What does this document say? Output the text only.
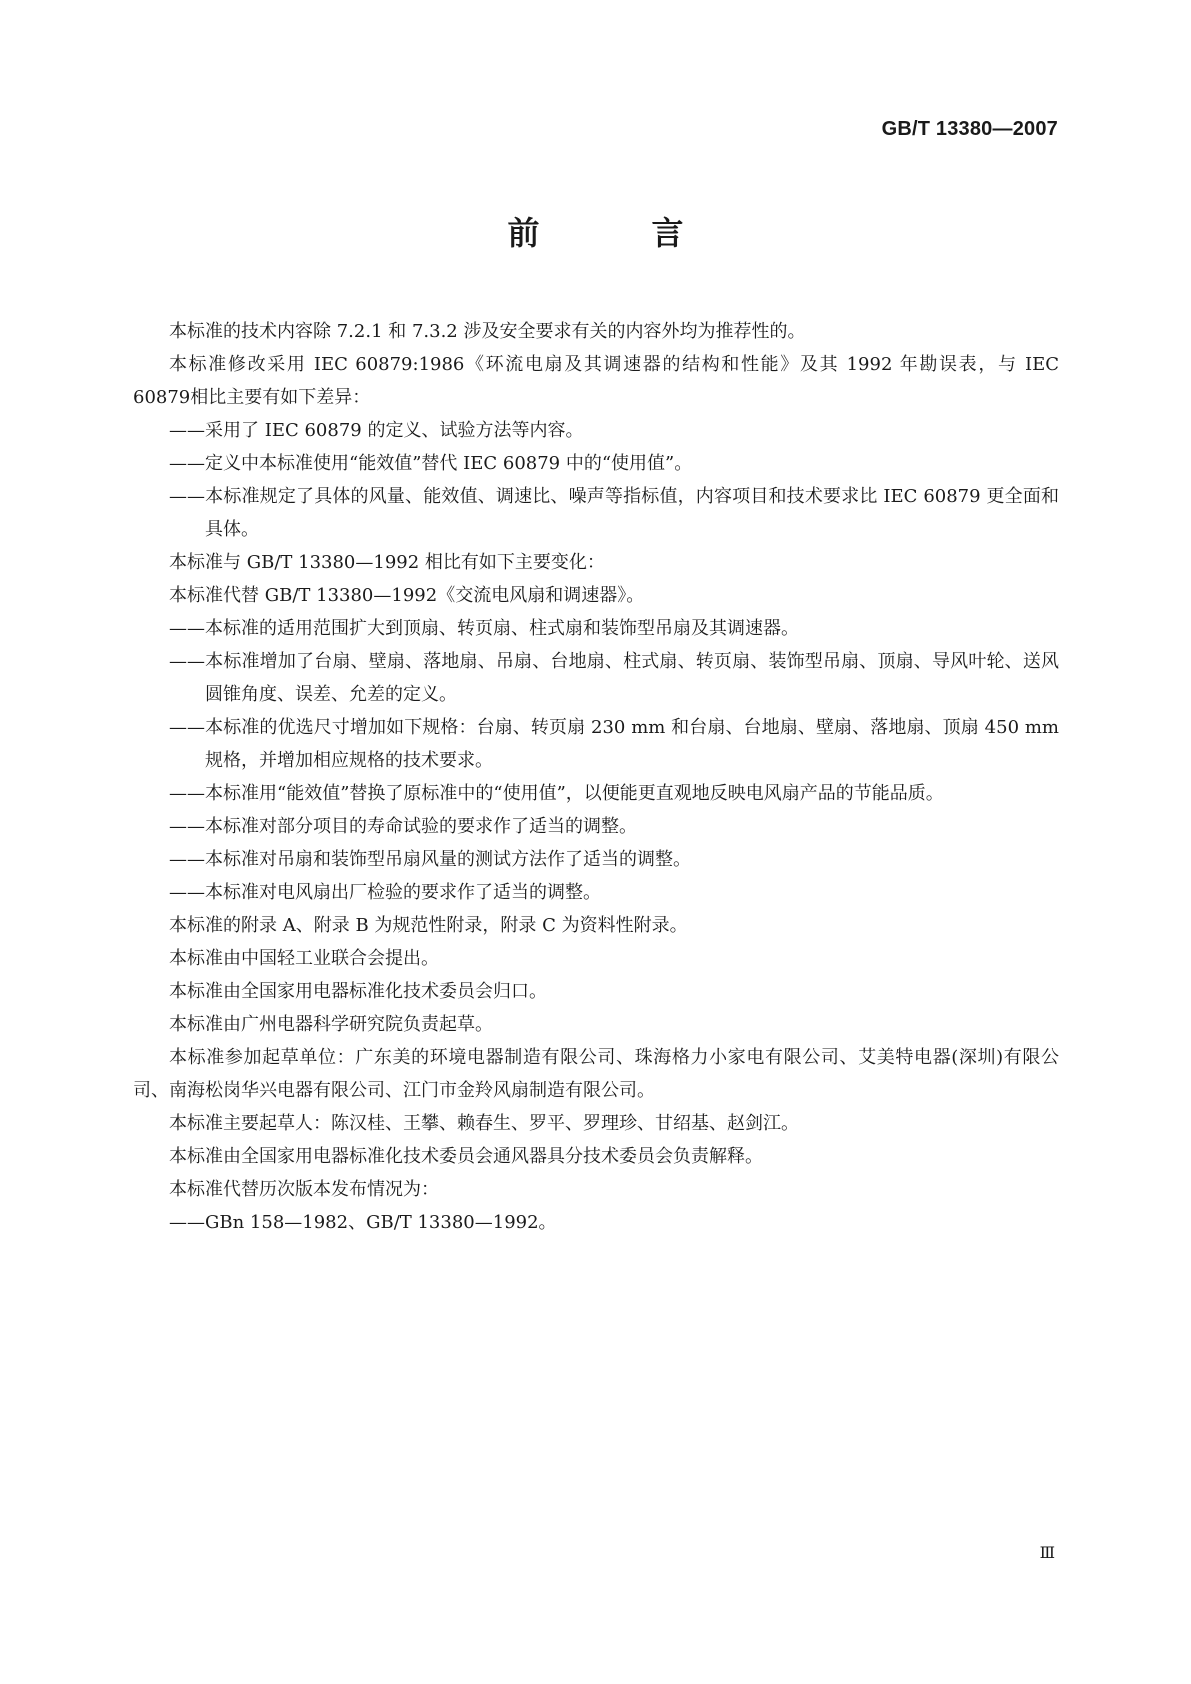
GB/T 13380—2007
前　言

本标准的技术内容除 7.2.1 和 7.3.2 涉及安全要求有关的内容外均为推荐性的。

本标准修改采用 IEC 60879:1986《环流电扇及其调速器的结构和性能》及其 1992 年勘误表，与 IEC 60879相比主要有如下差异：

——采用了 IEC 60879 的定义、试验方法等内容。

——定义中本标准使用“能效值”替代 IEC 60879 中的“使用值”。

——本标准规定了具体的风量、能效值、调速比、噪声等指标值，内容项目和技术要求比 IEC 60879 更全面和具体。

本标准与 GB/T 13380—1992 相比有如下主要变化：

本标准代替 GB/T 13380—1992《交流电风扇和调速器》。

——本标准的适用范围扩大到顶扇、转页扇、柱式扇和装饰型吊扇及其调速器。

——本标准增加了台扇、壁扇、落地扇、吊扇、台地扇、柱式扇、转页扇、装饰型吊扇、顶扇、导风叶轮、送风圆锥角度、误差、允差的定义。

——本标准的优选尺寸增加如下规格：台扇、转页扇 230 mm 和台扇、台地扇、壁扇、落地扇、顶扇 450 mm 规格，并增加相应规格的技术要求。

——本标准用“能效值”替换了原标准中的“使用值”，以便能更直观地反映电风扇产品的节能品质。

——本标准对部分项目的寿命试验的要求作了适当的调整。

——本标准对吊扇和装饰型吊扇风量的测试方法作了适当的调整。

——本标准对电风扇出厂检验的要求作了适当的调整。

本标准的附录 A、附录 B 为规范性附录，附录 C 为资料性附录。

本标准由中国轻工业联合会提出。

本标准由全国家用电器标准化技术委员会归口。

本标准由广州电器科学研究院负责起草。

本标准参加起草单位：广东美的环境电器制造有限公司、珠海格力小家电有限公司、艾美特电器(深圳)有限公司、南海松岗华兴电器有限公司、江门市金羚风扇制造有限公司。

本标准主要起草人：陈汉桂、王攀、赖春生、罗平、罗理珍、甘绍基、赵剑江。

本标准由全国家用电器标准化技术委员会通风器具分技术委员会负责解释。

本标准代替历次版本发布情况为：

——GBn 158—1982、GB/T 13380—1992。

Ⅲ
